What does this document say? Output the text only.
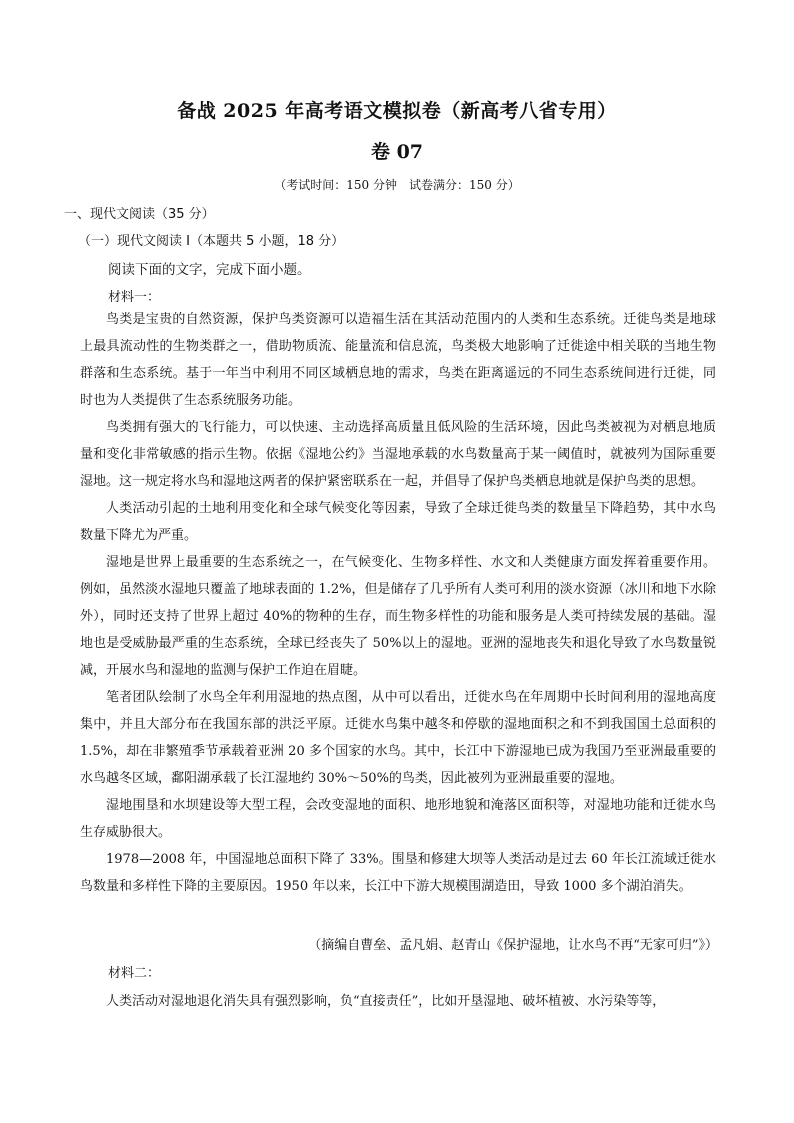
备战 2025 年高考语文模拟卷（新高考八省专用）
卷 07
（考试时间：150 分钟　试卷满分：150 分）
一、现代文阅读（35 分）
（一）现代文阅读 I（本题共 5 小题，18 分）
阅读下面的文字，完成下面小题。
材料一：

鸟类是宝贵的自然资源，保护鸟类资源可以造福生活在其活动范围内的人类和生态系统。迁徙鸟类是地球上最具流动性的生物类群之一，借助物质流、能量流和信息流，鸟类极大地影响了迁徙途中相关联的当地生物群落和生态系统。基于一年当中利用不同区域栖息地的需求，鸟类在距离遥远的不同生态系统间进行迁徙，同时也为人类提供了生态系统服务功能。

鸟类拥有强大的飞行能力，可以快速、主动选择高质量且低风险的生活环境，因此鸟类被视为对栖息地质量和变化非常敏感的指示生物。依据《湿地公约》当湿地承载的水鸟数量高于某一阈值时，就被列为国际重要湿地。这一规定将水鸟和湿地这两者的保护紧密联系在一起，并倡导了保护鸟类栖息地就是保护鸟类的思想。

人类活动引起的土地利用变化和全球气候变化等因素，导致了全球迁徙鸟类的数量呈下降趋势，其中水鸟数量下降尤为严重。

湿地是世界上最重要的生态系统之一，在气候变化、生物多样性、水文和人类健康方面发挥着重要作用。例如，虽然淡水湿地只覆盖了地球表面的 1.2%，但是储存了几乎所有人类可利用的淡水资源（冰川和地下水除外），同时还支持了世界上超过 40%的物种的生存，而生物多样性的功能和服务是人类可持续发展的基础。湿地也是受威胁最严重的生态系统，全球已经丧失了 50%以上的湿地。亚洲的湿地丧失和退化导致了水鸟数量锐减，开展水鸟和湿地的监测与保护工作迫在眉睫。

笔者团队绘制了水鸟全年利用湿地的热点图，从中可以看出，迁徙水鸟在年周期中长时间利用的湿地高度集中，并且大部分布在我国东部的洪泛平原。迁徙水鸟集中越冬和停歇的湿地面积之和不到我国国土总面积的 1.5%，却在非繁殖季节承载着亚洲 20 多个国家的水鸟。其中，长江中下游湿地已成为我国乃至亚洲最重要的水鸟越冬区域，鄱阳湖承载了长江湿地约 30%～50%的鸟类，因此被列为亚洲最重要的湿地。

湿地围垦和水坝建设等大型工程，会改变湿地的面积、地形地貌和淹落区面积等，对湿地功能和迁徙水鸟生存威胁很大。

1978—2008 年，中国湿地总面积下降了 33%。围垦和修建大坝等人类活动是过去 60 年长江流域迁徙水鸟数量和多样性下降的主要原因。1950 年以来，长江中下游大规模围湖造田，导致 1000 多个湖泊消失。

（摘编自曹垒、孟凡娟、赵青山《保护湿地，让水鸟不再“无家可归”》）
材料二：

人类活动对湿地退化消失具有强烈影响，负“直接责任”，比如开垦湿地、破坏植被、水污染等等，
